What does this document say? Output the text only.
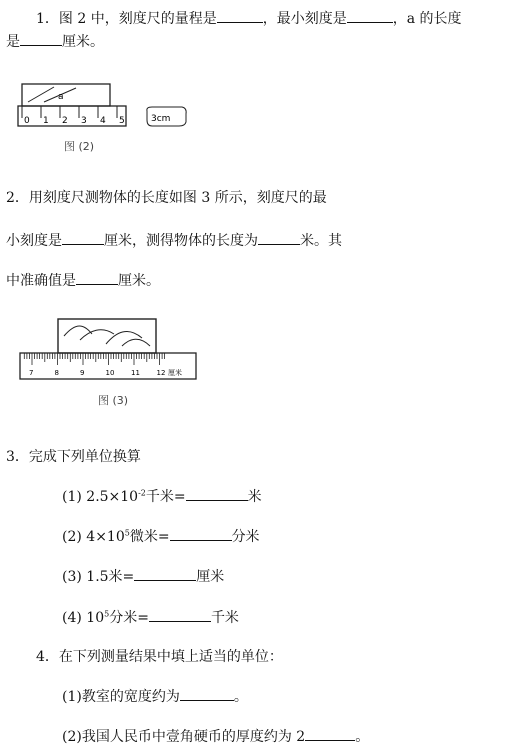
1．图 2 中，刻度尺的量程是	，最小刻度是	，a 的长度
是	厘米。
a
0 1 2 3 4 5	3cm
图 (2)
2．用刻度尺测物体的长度如图 3 所示，刻度尺的最
小刻度是	厘米，测得物体的长度为	米。其
中准确值是	厘米。
7	8	9	10 11 12 厘米
图 (3)
3．完成下列单位换算
(1) $2.5\times 10^{-2}$千米=	米
(2) $4\times 10^5$微米=	分米
(3) 1.5米=	厘米
(4) $10^5$分米=	千米
4．在下列测量结果中填上适当的单位：
(1)教室的宽度约为	。
(2)我国人民币中壹角硬币的厚度约为 2	。
